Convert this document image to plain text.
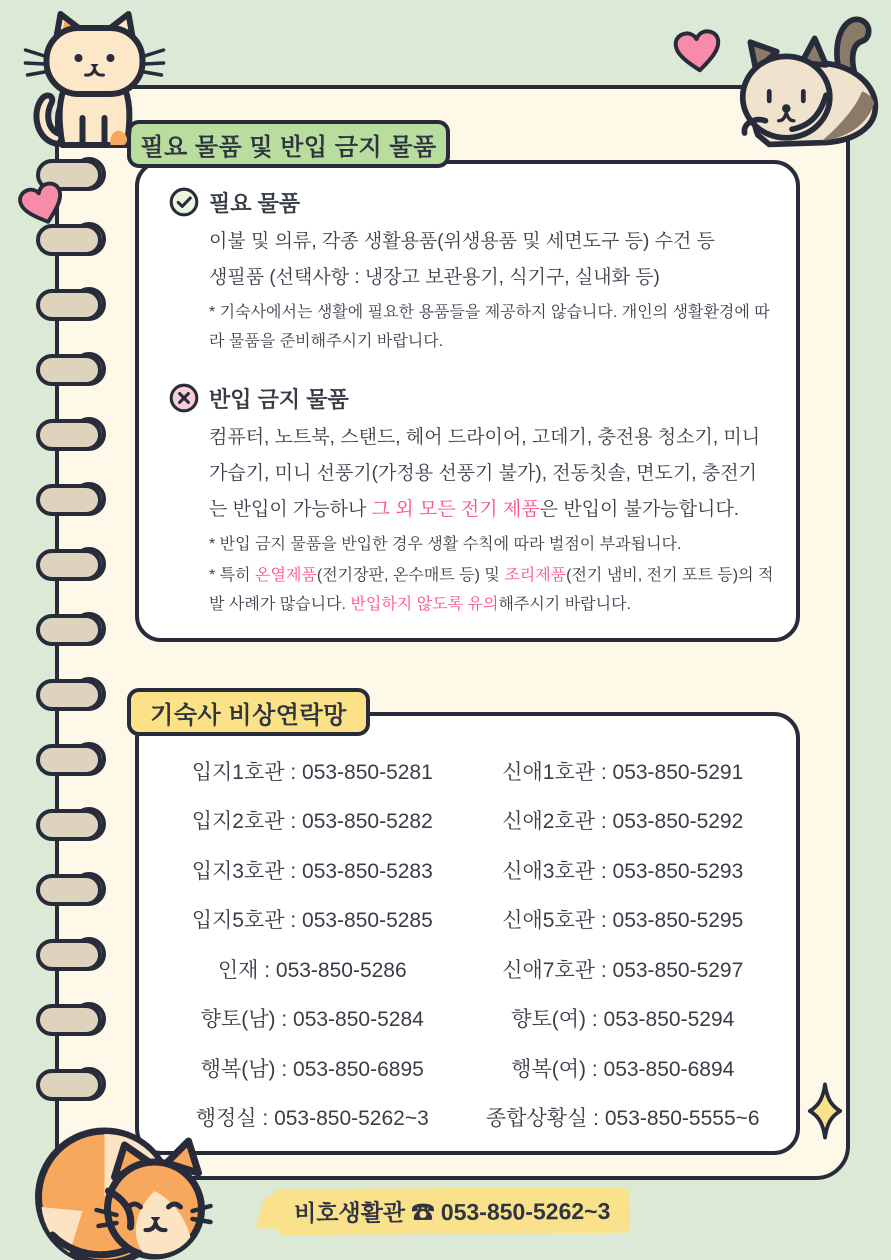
필요 물품

이불 및 의류, 각종 생활용품(위생용품 및 세면도구 등) 수건 등
생필품 (선택사항 : 냉장고 보관용기, 식기구, 실내화 등)

* 기숙사에서는 생활에 필요한 용품들을 제공하지 않습니다. 개인의 생활환경에 따라 물품을 준비해주시기 바랍니다.

반입 금지 물품

컴퓨터, 노트북, 스탠드, 헤어 드라이어, 고데기, 충전용 청소기, 미니 가습기, 미니 선풍기(가정용 선풍기 불가), 전동칫솔, 면도기, 충전기는 반입이 가능하나 그 외 모든 전기 제품은 반입이 불가능합니다.

* 반입 금지 물품을 반입한 경우 생활 수칙에 따라 벌점이 부과됩니다.

* 특히 온열제품(전기장판, 온수매트 등) 및 조리제품(전기 냄비, 전기 포트 등)의 적발 사례가 많습니다. 반입하지 않도록 유의해주시기 바랍니다.

필요 물품 및 반입 금지 물품
입지1호관 : 053-850-5281	신애1호관 : 053-850-5291
입지2호관 : 053-850-5282	신애2호관 : 053-850-5292
입지3호관 : 053-850-5283	신애3호관 : 053-850-5293
입지5호관 : 053-850-5285	신애5호관 : 053-850-5295
인재 : 053-850-5286	신애7호관 : 053-850-5297
향토(남) : 053-850-5284	향토(여) : 053-850-5294
행복(남) : 053-850-6895	행복(여) : 053-850-6894
행정실 : 053-850-5262~3	종합상황실 : 053-850-5555~6
기숙사 비상연락망
비호생활관 ☎ 053-850-5262~3
